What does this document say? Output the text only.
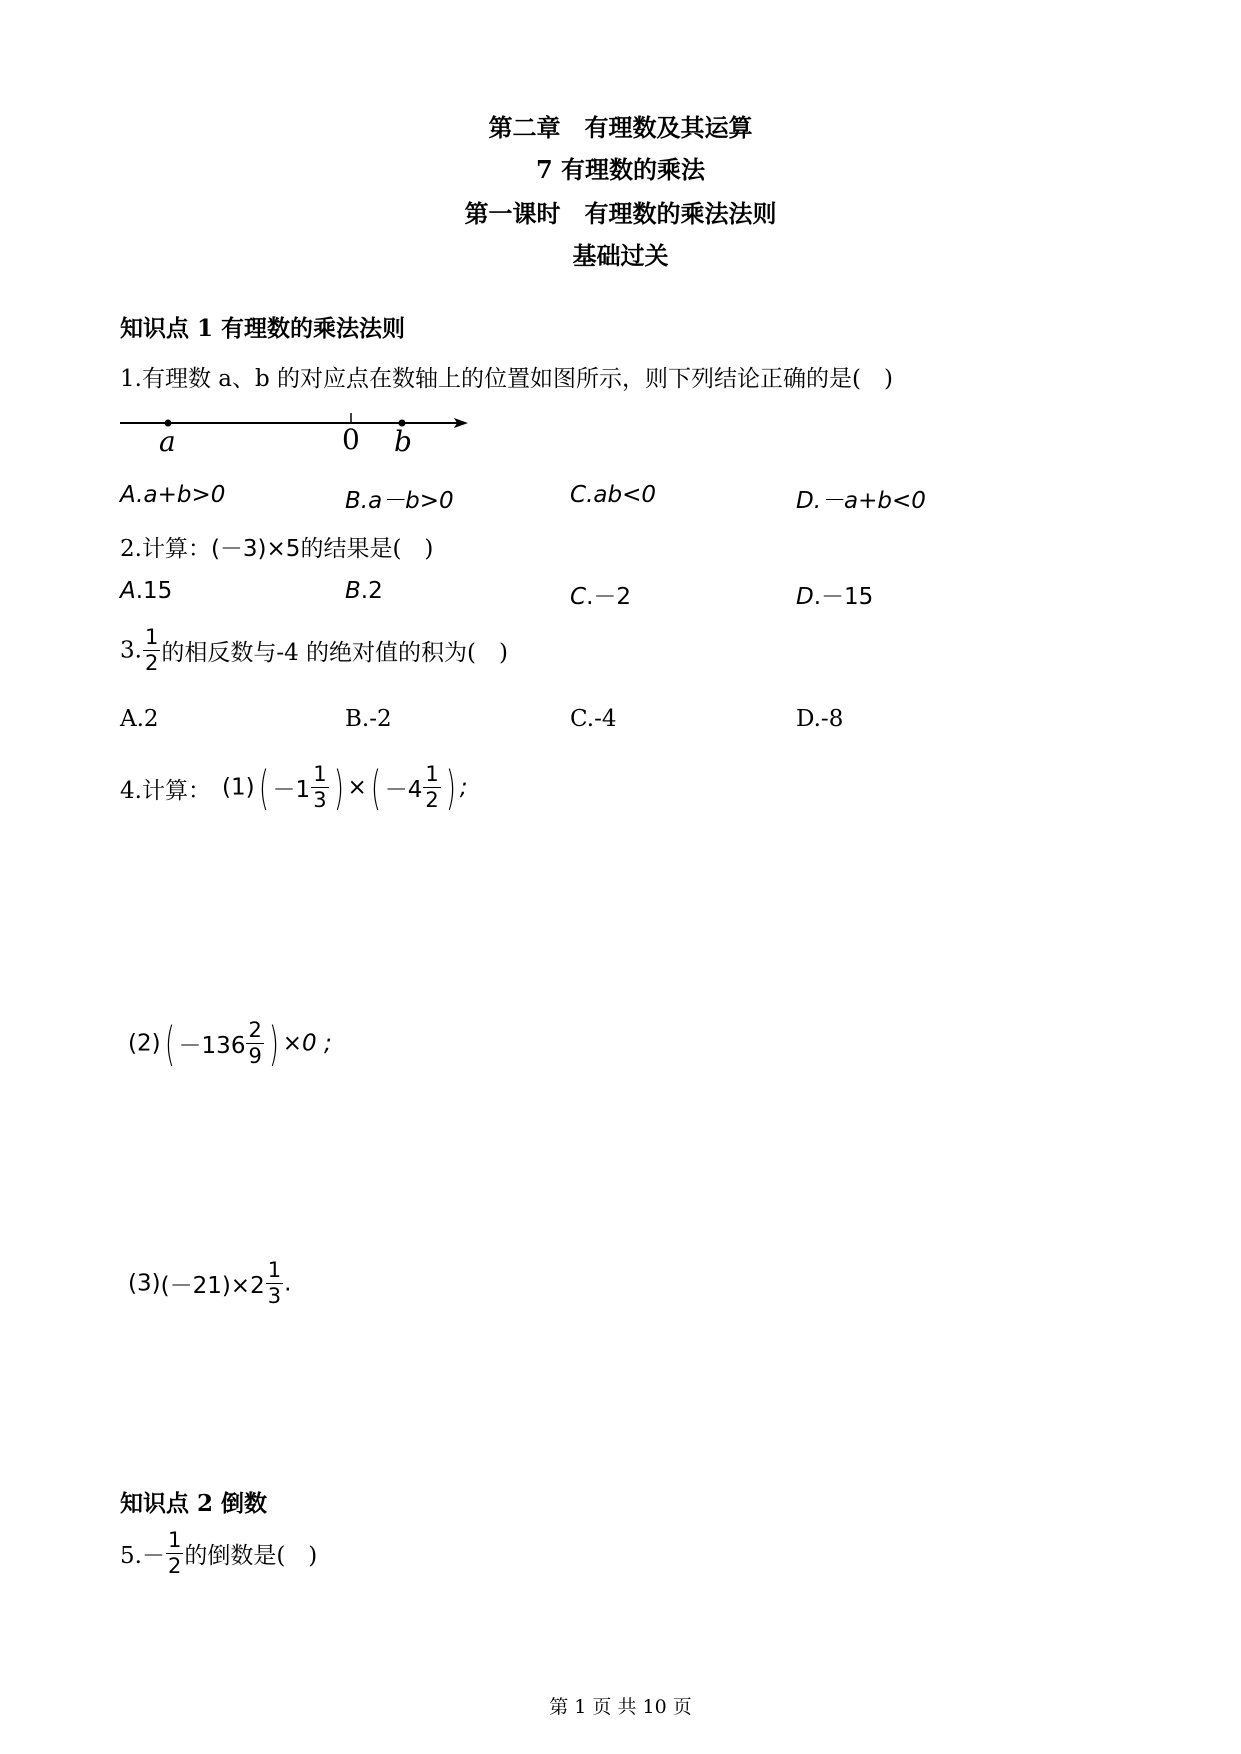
第二章　有理数及其运算
7 有理数的乘法
第一课时　有理数的乘法法则
基础过关
知识点 1 有理数的乘法法则
1.有理数 a、b 的对应点在数轴上的位置如图所示，则下列结论正确的是(　)
a	0 b
A.a+b>0	B.a－b>0	C.ab<0	D.－a+b<0
2.计算：(－3)×5的结果是(　)
A.15	B.2	C.－2	D.－15
3. $\frac{1}{2}$ 的相反数与-4 的绝对值的积为(　)
A.2	B.-2	C.-4	D.-8
4.计算： $(1)( -1 \frac{1}{3}$ ) ×( $-4 \frac{1}{2}$ ) ;
$(2)( -136 \frac{2}{9}$ ) ×0 ;
$(3)(-21)\times 2 \frac{1}{3}$ .
知识点 2 倒数
$5.- \frac{1}{2}$ 的倒数是(　)
第 1 页 共 10 页
